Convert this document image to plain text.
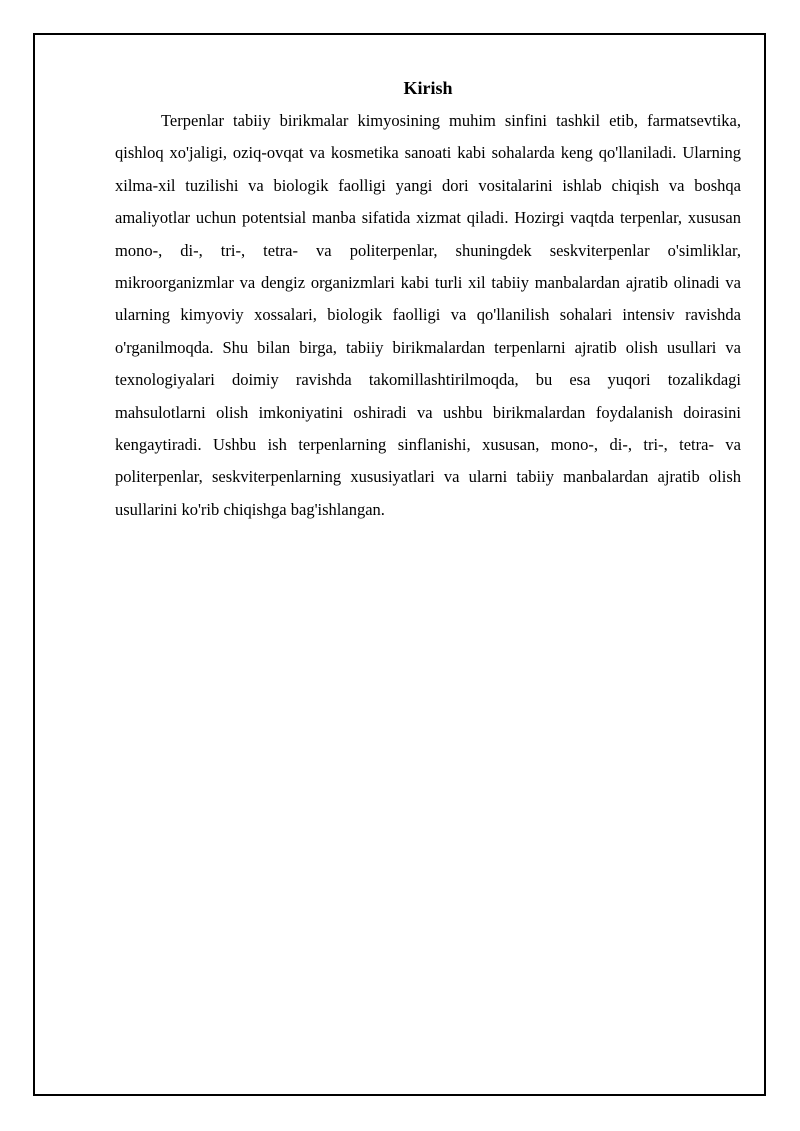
Kirish

Terpenlar tabiiy birikmalar kimyosining muhim sinfini tashkil etib, farmatsevtika, qishloq xo'jaligi, oziq-ovqat va kosmetika sanoati kabi sohalarda keng qo'llaniladi. Ularning xilma-xil tuzilishi va biologik faolligi yangi dori vositalarini ishlab chiqish va boshqa amaliyotlar uchun potentsial manba sifatida xizmat qiladi. Hozirgi vaqtda terpenlar, xususan mono-, di-, tri-, tetra- va politerpenlar, shuningdek seskviterpenlar o'simliklar, mikroorganizmlar va dengiz organizmlari kabi turli xil tabiiy manbalardan ajratib olinadi va ularning kimyoviy xossalari, biologik faolligi va qo'llanilish sohalari intensiv ravishda o'rganilmoqda. Shu bilan birga, tabiiy birikmalardan terpenlarni ajratib olish usullari va texnologiyalari doimiy ravishda takomillashtirilmoqda, bu esa yuqori tozalikdagi mahsulotlarni olish imkoniyatini oshiradi va ushbu birikmalardan foydalanish doirasini kengaytiradi. Ushbu ish terpenlarning sinflanishi, xususan, mono-, di-, tri-, tetra- va politerpenlar, seskviterpenlarning xususiyatlari va ularni tabiiy manbalardan ajratib olish usullarini ko'rib chiqishga bag'ishlangan.
